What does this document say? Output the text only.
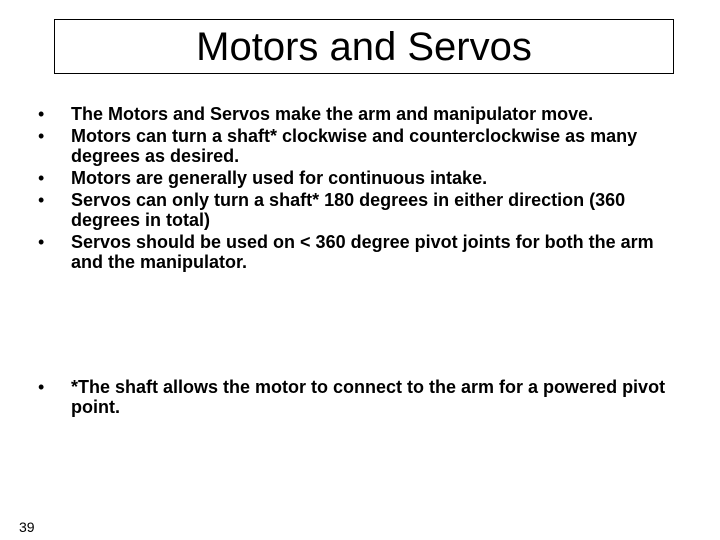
Motors and Servos
• The Motors and Servos make the arm and manipulator move.
• Motors can turn a shaft* clockwise and counterclockwise as many degrees as desired.
• Motors are generally used for continuous intake.
• Servos can only turn a shaft* 180 degrees in either direction (360 degrees in total)
• Servos should be used on < 360 degree pivot joints for both the arm and the manipulator.
• *The shaft allows the motor to connect to the arm for a powered pivot point.
39
